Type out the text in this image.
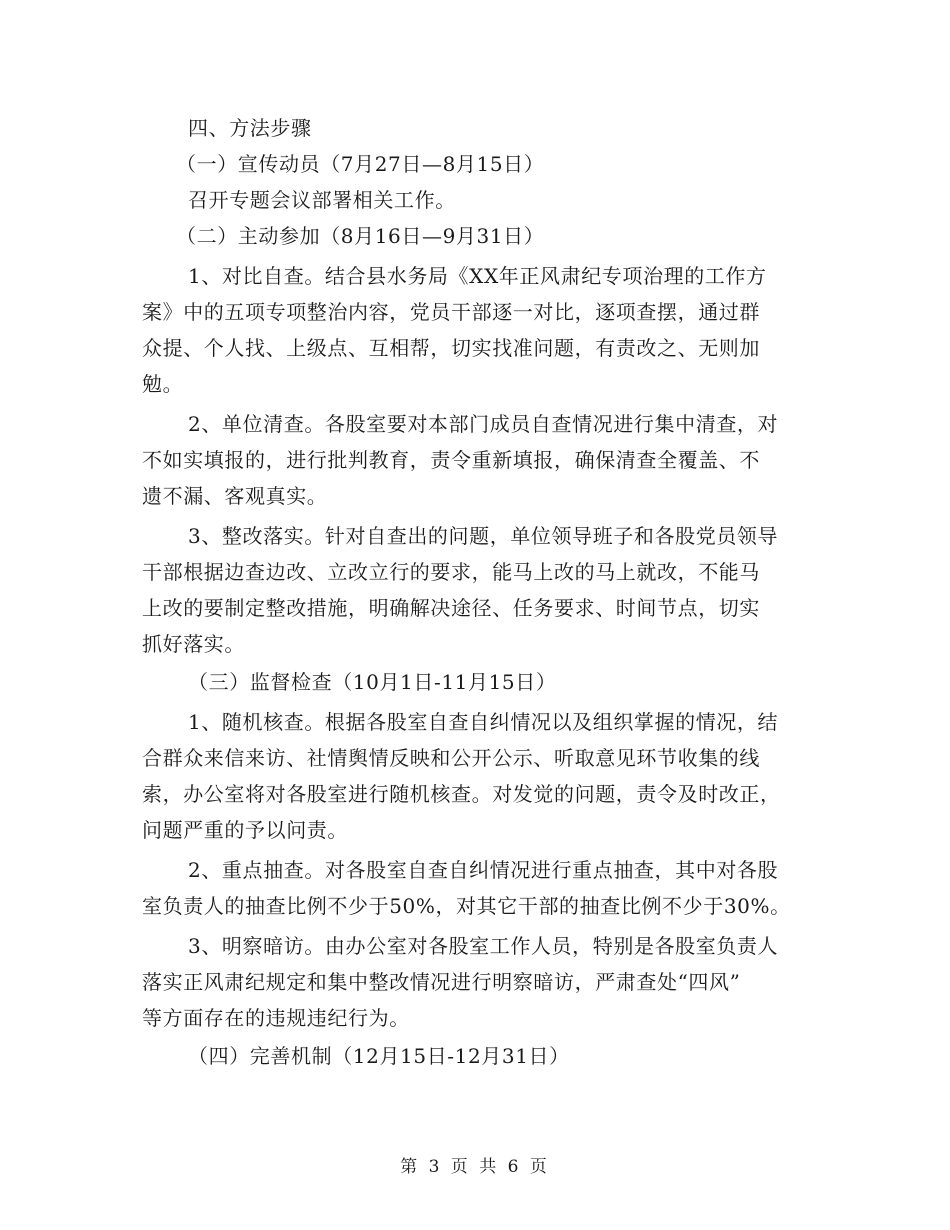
四、方法步骤
（一）宣传动员（7月27日—8月15日）
召开专题会议部署相关工作。
（二）主动参加（8月16日—9月31日）
1、对比自查。结合县水务局《XX年正风肃纪专项治理的工作方
案》中的五项专项整治内容，党员干部逐一对比，逐项查摆，通过群
众提、个人找、上级点、互相帮，切实找准问题，有责改之、无则加
勉。
2、单位清查。各股室要对本部门成员自查情况进行集中清查，对
不如实填报的，进行批判教育，责令重新填报，确保清查全覆盖、不
遗不漏、客观真实。
3、整改落实。针对自查出的问题，单位领导班子和各股党员领导
干部根据边查边改、立改立行的要求，能马上改的马上就改，不能马
上改的要制定整改措施，明确解决途径、任务要求、时间节点，切实
抓好落实。
（三）监督检查（10月1日-11月15日）
1、随机核查。根据各股室自查自纠情况以及组织掌握的情况，结
合群众来信来访、社情舆情反映和公开公示、听取意见环节收集的线
索，办公室将对各股室进行随机核查。对发觉的问题，责令及时改正，
问题严重的予以问责。
2、重点抽查。对各股室自查自纠情况进行重点抽查，其中对各股
室负责人的抽查比例不少于50%，对其它干部的抽查比例不少于30%。
3、明察暗访。由办公室对各股室工作人员，特别是各股室负责人
落实正风肃纪规定和集中整改情况进行明察暗访，严肃查处“四风”
等方面存在的违规违纪行为。
（四）完善机制（12月15日-12月31日）
第 3 页 共 6 页
